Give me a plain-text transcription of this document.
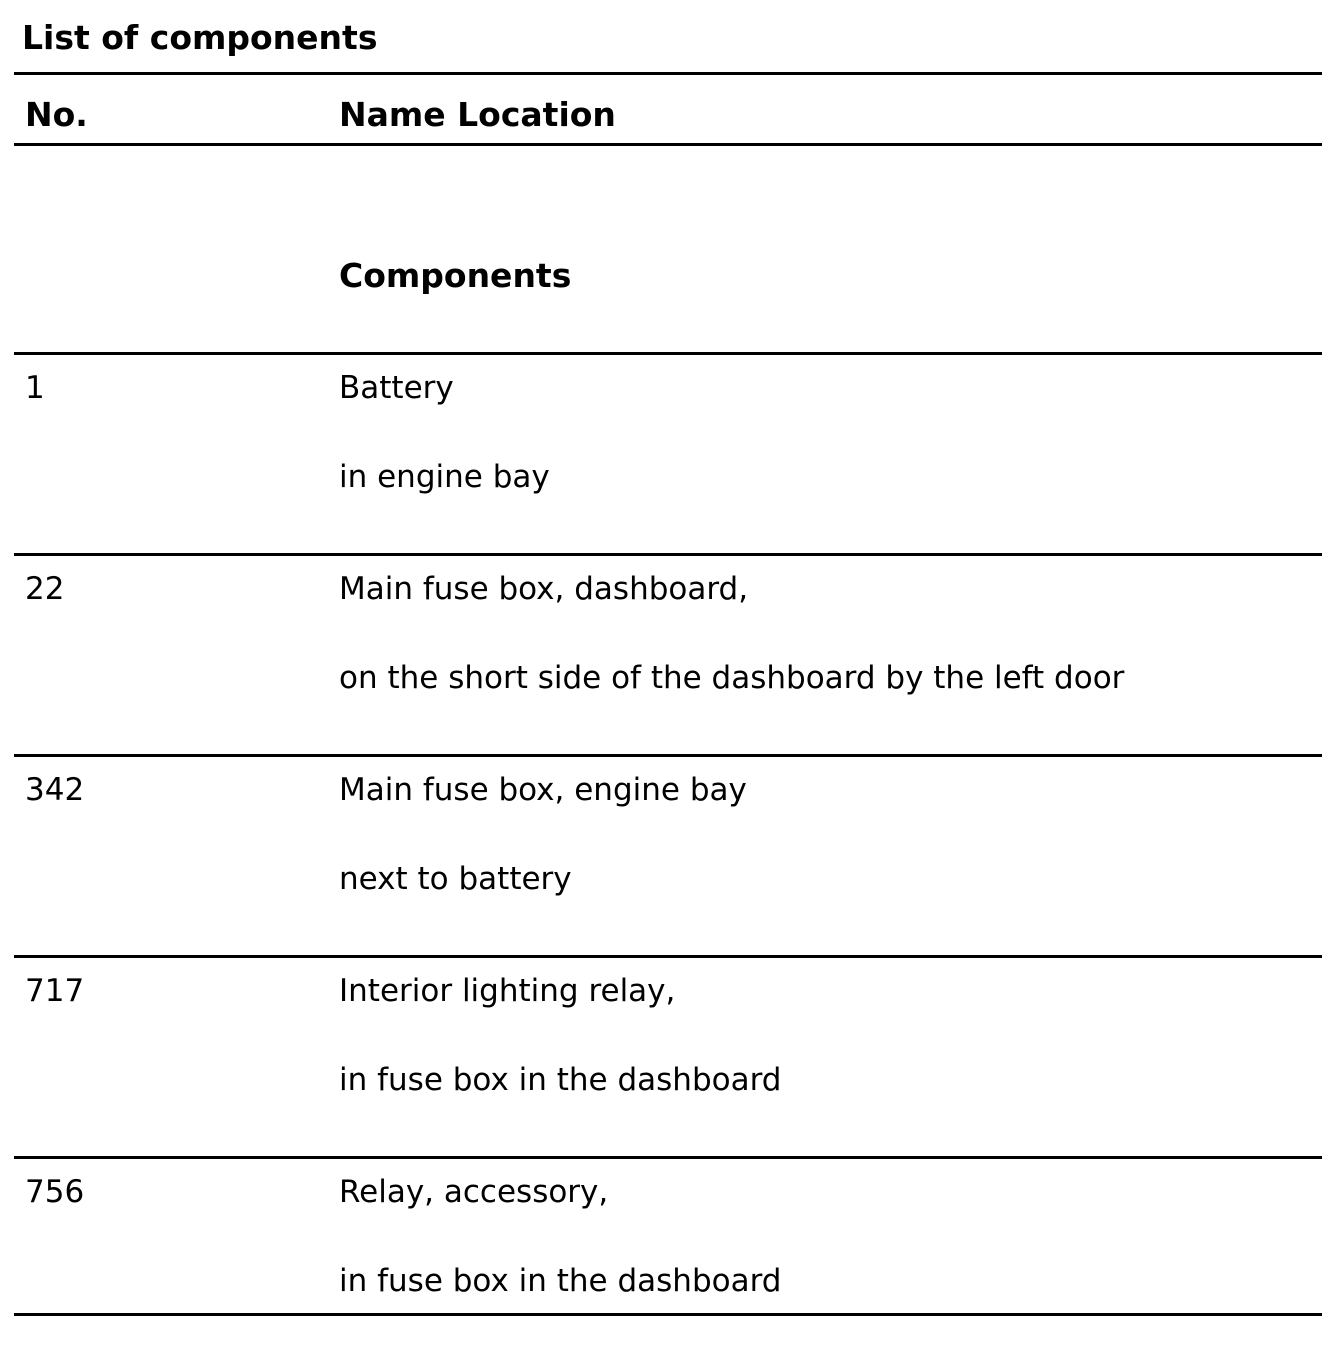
List of components
No.	Name Location
Components
1	Battery
in engine bay
22	Main fuse box, dashboard,
on the short side of the dashboard by the left door
342	Main fuse box, engine bay
next to battery
717	Interior lighting relay,
in fuse box in the dashboard
756	Relay, accessory,
in fuse box in the dashboard
